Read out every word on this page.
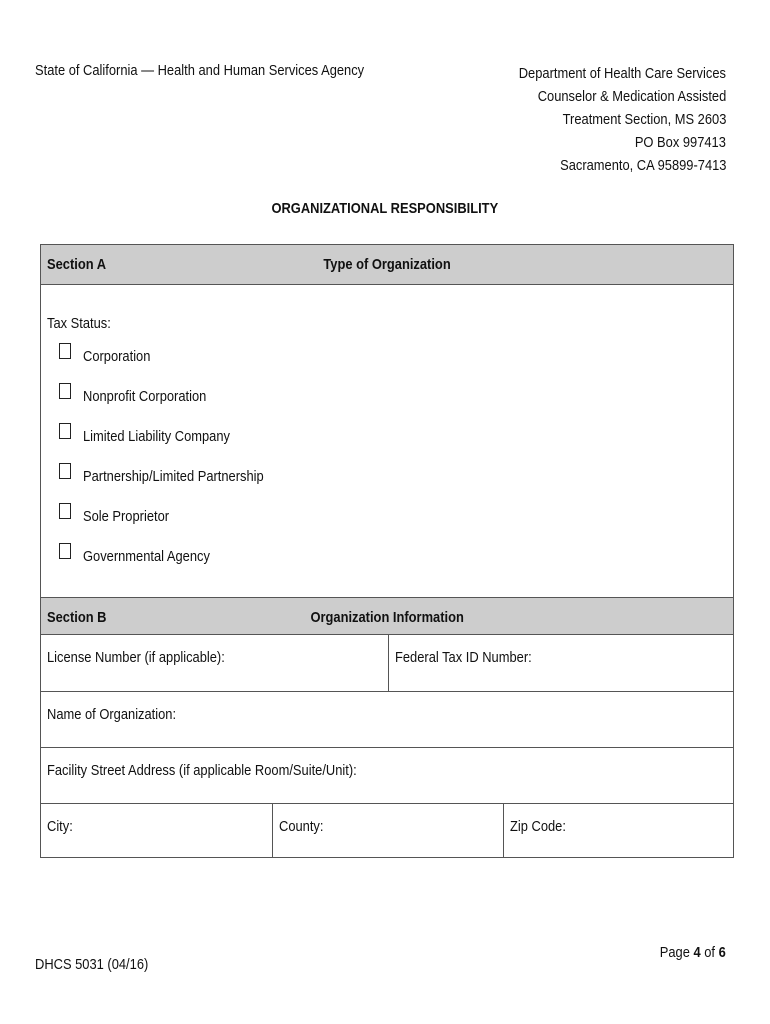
State of California — Health and Human Services Agency	Department of Health Care Services
Counselor & Medication Assisted
Treatment Section, MS 2603
PO Box 997413
Sacramento, CA 95899-7413
ORGANIZATIONAL RESPONSIBILITY
Section A	Type of Organization
Tax Status:
Corporation
Nonprofit Corporation
Limited Liability Company
Partnership/Limited Partnership
Sole Proprietor
Governmental Agency
Section B	Organization Information
License Number (if applicable):	Federal Tax ID Number:
Name of Organization:
Facility Street Address (if applicable Room/Suite/Unit):
City:	County:	Zip Code:
DHCS 5031 (04/16)
Page 4 of 6
